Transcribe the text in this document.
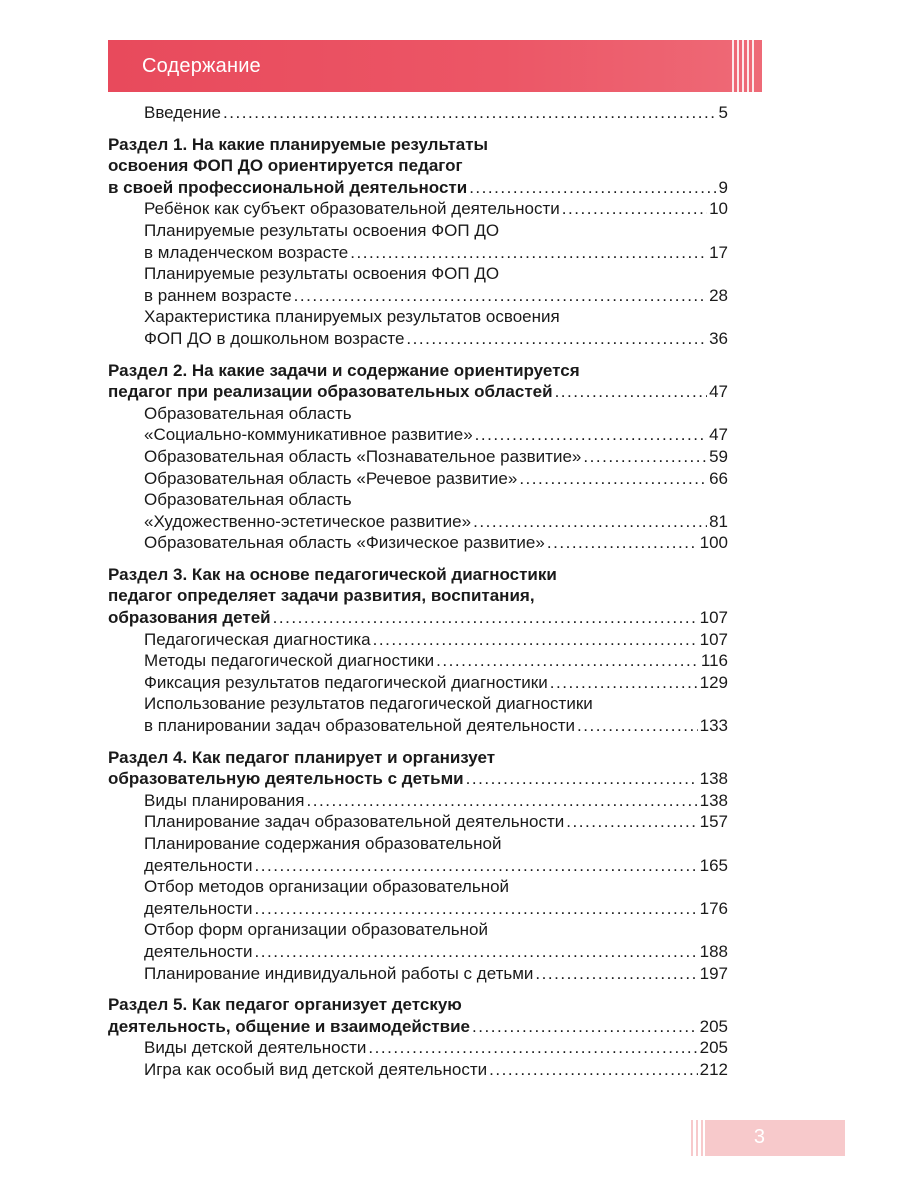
Содержание
Введение . . .	5
Раздел 1. На какие планируемые результаты
освоения ФОП ДО ориентируется педагог
в своей профессиональной деятельности . . .	9
Ребёнок как субъект образовательной деятельности . . .	10
Планируемые результаты освоения ФОП ДО
в младенческом возрасте . . .	17
Планируемые результаты освоения ФОП ДО
в раннем возрасте . . .	28
Характеристика планируемых результатов освоения
ФОП ДО в дошкольном возрасте . . .	36
Раздел 2. На какие задачи и содержание ориентируется
педагог при реализации образовательных областей . . .	47
Образовательная область
«Социально-коммуникативное развитие» . . .	47
Образовательная область «Познавательное развитие» . . .	59
Образовательная область «Речевое развитие» . . .	66
Образовательная область
«Художественно-эстетическое развитие» . . .	81
Образовательная область «Физическое развитие» . . .	100
Раздел 3. Как на основе педагогической диагностики
педагог определяет задачи развития, воспитания,
образования детей . . .	107
Педагогическая диагностика . . .	107
Методы педагогической диагностики . . .	116
Фиксация результатов педагогической диагностики . . .	129
Использование результатов педагогической диагностики
в планировании задач образовательной деятельности . . .	133
Раздел 4. Как педагог планирует и организует
образовательную деятельность с детьми . . .	138
Виды планирования . . .	138
Планирование задач образовательной деятельности . . .	157
Планирование содержания образовательной
деятельности . . .	165
Отбор методов организации образовательной
деятельности . . .	176
Отбор форм организации образовательной
деятельности . . .	188
Планирование индивидуальной работы с детьми . . .	197
Раздел 5. Как педагог организует детскую
деятельность, общение и взаимодействие . . .	205
Виды детской деятельности . . .	205
Игра как особый вид детской деятельности . . .	212
3
